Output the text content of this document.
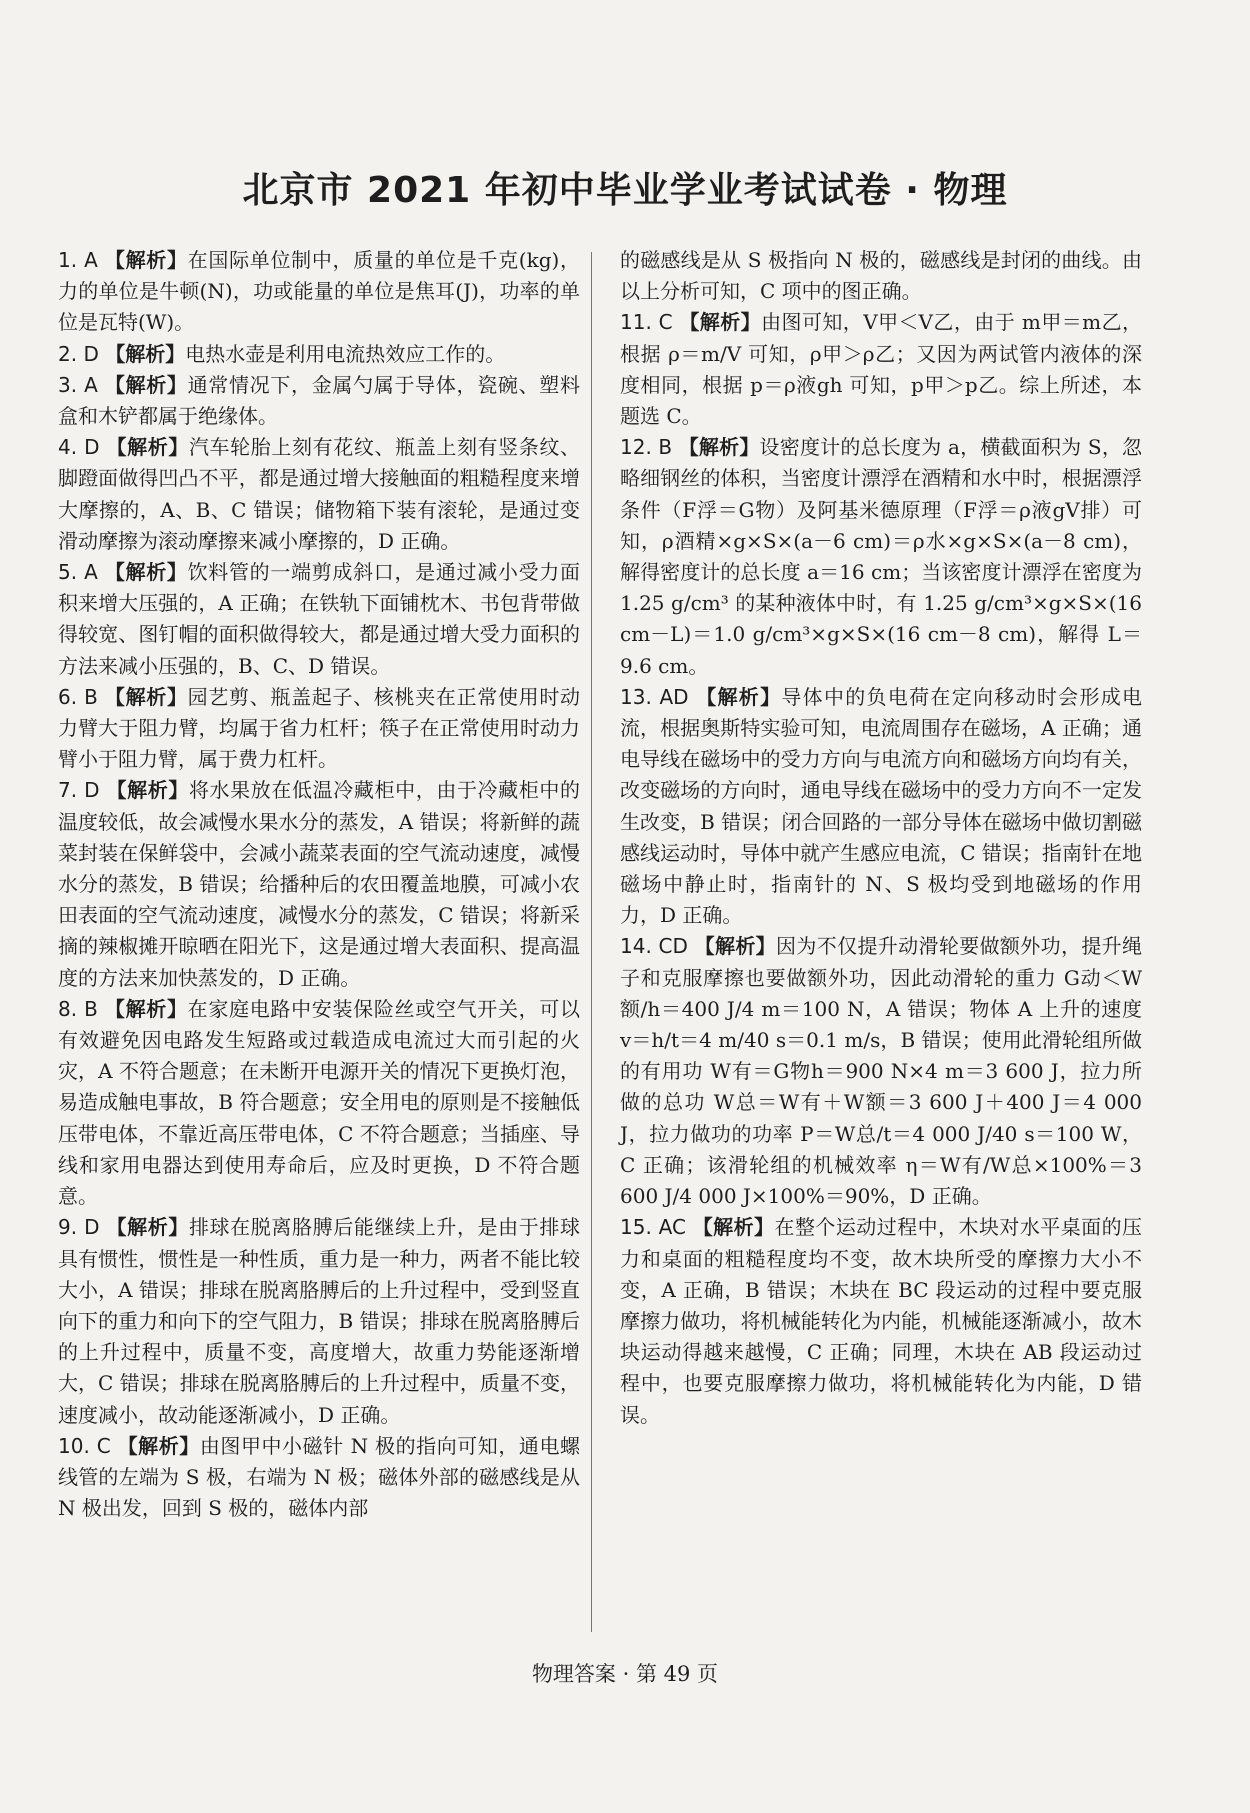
北京市 2021 年初中毕业学业考试试卷 · 物理

1. A 【解析】在国际单位制中，质量的单位是千克(kg)，力的单位是牛顿(N)，功或能量的单位是焦耳(J)，功率的单位是瓦特(W)。

2. D 【解析】电热水壶是利用电流热效应工作的。

3. A 【解析】通常情况下，金属勺属于导体，瓷碗、塑料盒和木铲都属于绝缘体。

4. D 【解析】汽车轮胎上刻有花纹、瓶盖上刻有竖条纹、脚蹬面做得凹凸不平，都是通过增大接触面的粗糙程度来增大摩擦的，A、B、C 错误；储物箱下装有滚轮，是通过变滑动摩擦为滚动摩擦来减小摩擦的，D 正确。

5. A 【解析】饮料管的一端剪成斜口，是通过减小受力面积来增大压强的，A 正确；在铁轨下面铺枕木、书包背带做得较宽、图钉帽的面积做得较大，都是通过增大受力面积的方法来减小压强的，B、C、D 错误。

6. B 【解析】园艺剪、瓶盖起子、核桃夹在正常使用时动力臂大于阻力臂，均属于省力杠杆；筷子在正常使用时动力臂小于阻力臂，属于费力杠杆。

7. D 【解析】将水果放在低温冷藏柜中，由于冷藏柜中的温度较低，故会减慢水果水分的蒸发，A 错误；将新鲜的蔬菜封装在保鲜袋中，会减小蔬菜表面的空气流动速度，减慢水分的蒸发，B 错误；给播种后的农田覆盖地膜，可减小农田表面的空气流动速度，减慢水分的蒸发，C 错误；将新采摘的辣椒摊开晾晒在阳光下，这是通过增大表面积、提高温度的方法来加快蒸发的，D 正确。

8. B 【解析】在家庭电路中安装保险丝或空气开关，可以有效避免因电路发生短路或过载造成电流过大而引起的火灾，A 不符合题意；在未断开电源开关的情况下更换灯泡，易造成触电事故，B 符合题意；安全用电的原则是不接触低压带电体，不靠近高压带电体，C 不符合题意；当插座、导线和家用电器达到使用寿命后，应及时更换，D 不符合题意。

9. D 【解析】排球在脱离胳膊后能继续上升，是由于排球具有惯性，惯性是一种性质，重力是一种力，两者不能比较大小，A 错误；排球在脱离胳膊后的上升过程中，受到竖直向下的重力和向下的空气阻力，B 错误；排球在脱离胳膊后的上升过程中，质量不变，高度增大，故重力势能逐渐增大，C 错误；排球在脱离胳膊后的上升过程中，质量不变，速度减小，故动能逐渐减小，D 正确。

10. C 【解析】由图甲中小磁针 N 极的指向可知，通电螺线管的左端为 S 极，右端为 N 极；磁体外部的磁感线是从 N 极出发，回到 S 极的，磁体内部

的磁感线是从 S 极指向 N 极的，磁感线是封闭的曲线。由以上分析可知，C 项中的图正确。

11. C 【解析】由图可知，V甲＜V乙，由于 m甲＝m乙，根据 ρ＝m/V 可知，ρ甲＞ρ乙；又因为两试管内液体的深度相同，根据 p＝ρ液gh 可知，p甲＞p乙。综上所述，本题选 C。

12. B 【解析】设密度计的总长度为 a，横截面积为 S，忽略细钢丝的体积，当密度计漂浮在酒精和水中时，根据漂浮条件（F浮＝G物）及阿基米德原理（F浮＝ρ液gV排）可知，ρ酒精×g×S×(a－6 cm)＝ρ水×g×S×(a－8 cm)，解得密度计的总长度 a＝16 cm；当该密度计漂浮在密度为 1.25 g/cm³ 的某种液体中时，有 1.25 g/cm³×g×S×(16 cm－L)＝1.0 g/cm³×g×S×(16 cm－8 cm)，解得 L＝9.6 cm。

13. AD 【解析】导体中的负电荷在定向移动时会形成电流，根据奥斯特实验可知，电流周围存在磁场，A 正确；通电导线在磁场中的受力方向与电流方向和磁场方向均有关，改变磁场的方向时，通电导线在磁场中的受力方向不一定发生改变，B 错误；闭合回路的一部分导体在磁场中做切割磁感线运动时，导体中就产生感应电流，C 错误；指南针在地磁场中静止时，指南针的 N、S 极均受到地磁场的作用力，D 正确。

14. CD 【解析】因为不仅提升动滑轮要做额外功，提升绳子和克服摩擦也要做额外功，因此动滑轮的重力 G动＜W额/h＝400 J/4 m＝100 N，A 错误；物体 A 上升的速度 v＝h/t＝4 m/40 s＝0.1 m/s，B 错误；使用此滑轮组所做的有用功 W有＝G物h＝900 N×4 m＝3 600 J，拉力所做的总功 W总＝W有＋W额＝3 600 J＋400 J＝4 000 J，拉力做功的功率 P＝W总/t＝4 000 J/40 s＝100 W，C 正确；该滑轮组的机械效率 η＝W有/W总×100%＝3 600 J/4 000 J×100%＝90%，D 正确。

15. AC 【解析】在整个运动过程中，木块对水平桌面的压力和桌面的粗糙程度均不变，故木块所受的摩擦力大小不变，A 正确，B 错误；木块在 BC 段运动的过程中要克服摩擦力做功，将机械能转化为内能，机械能逐渐减小，故木块运动得越来越慢，C 正确；同理，木块在 AB 段运动过程中，也要克服摩擦力做功，将机械能转化为内能，D 错误。

物理答案 · 第 49 页
